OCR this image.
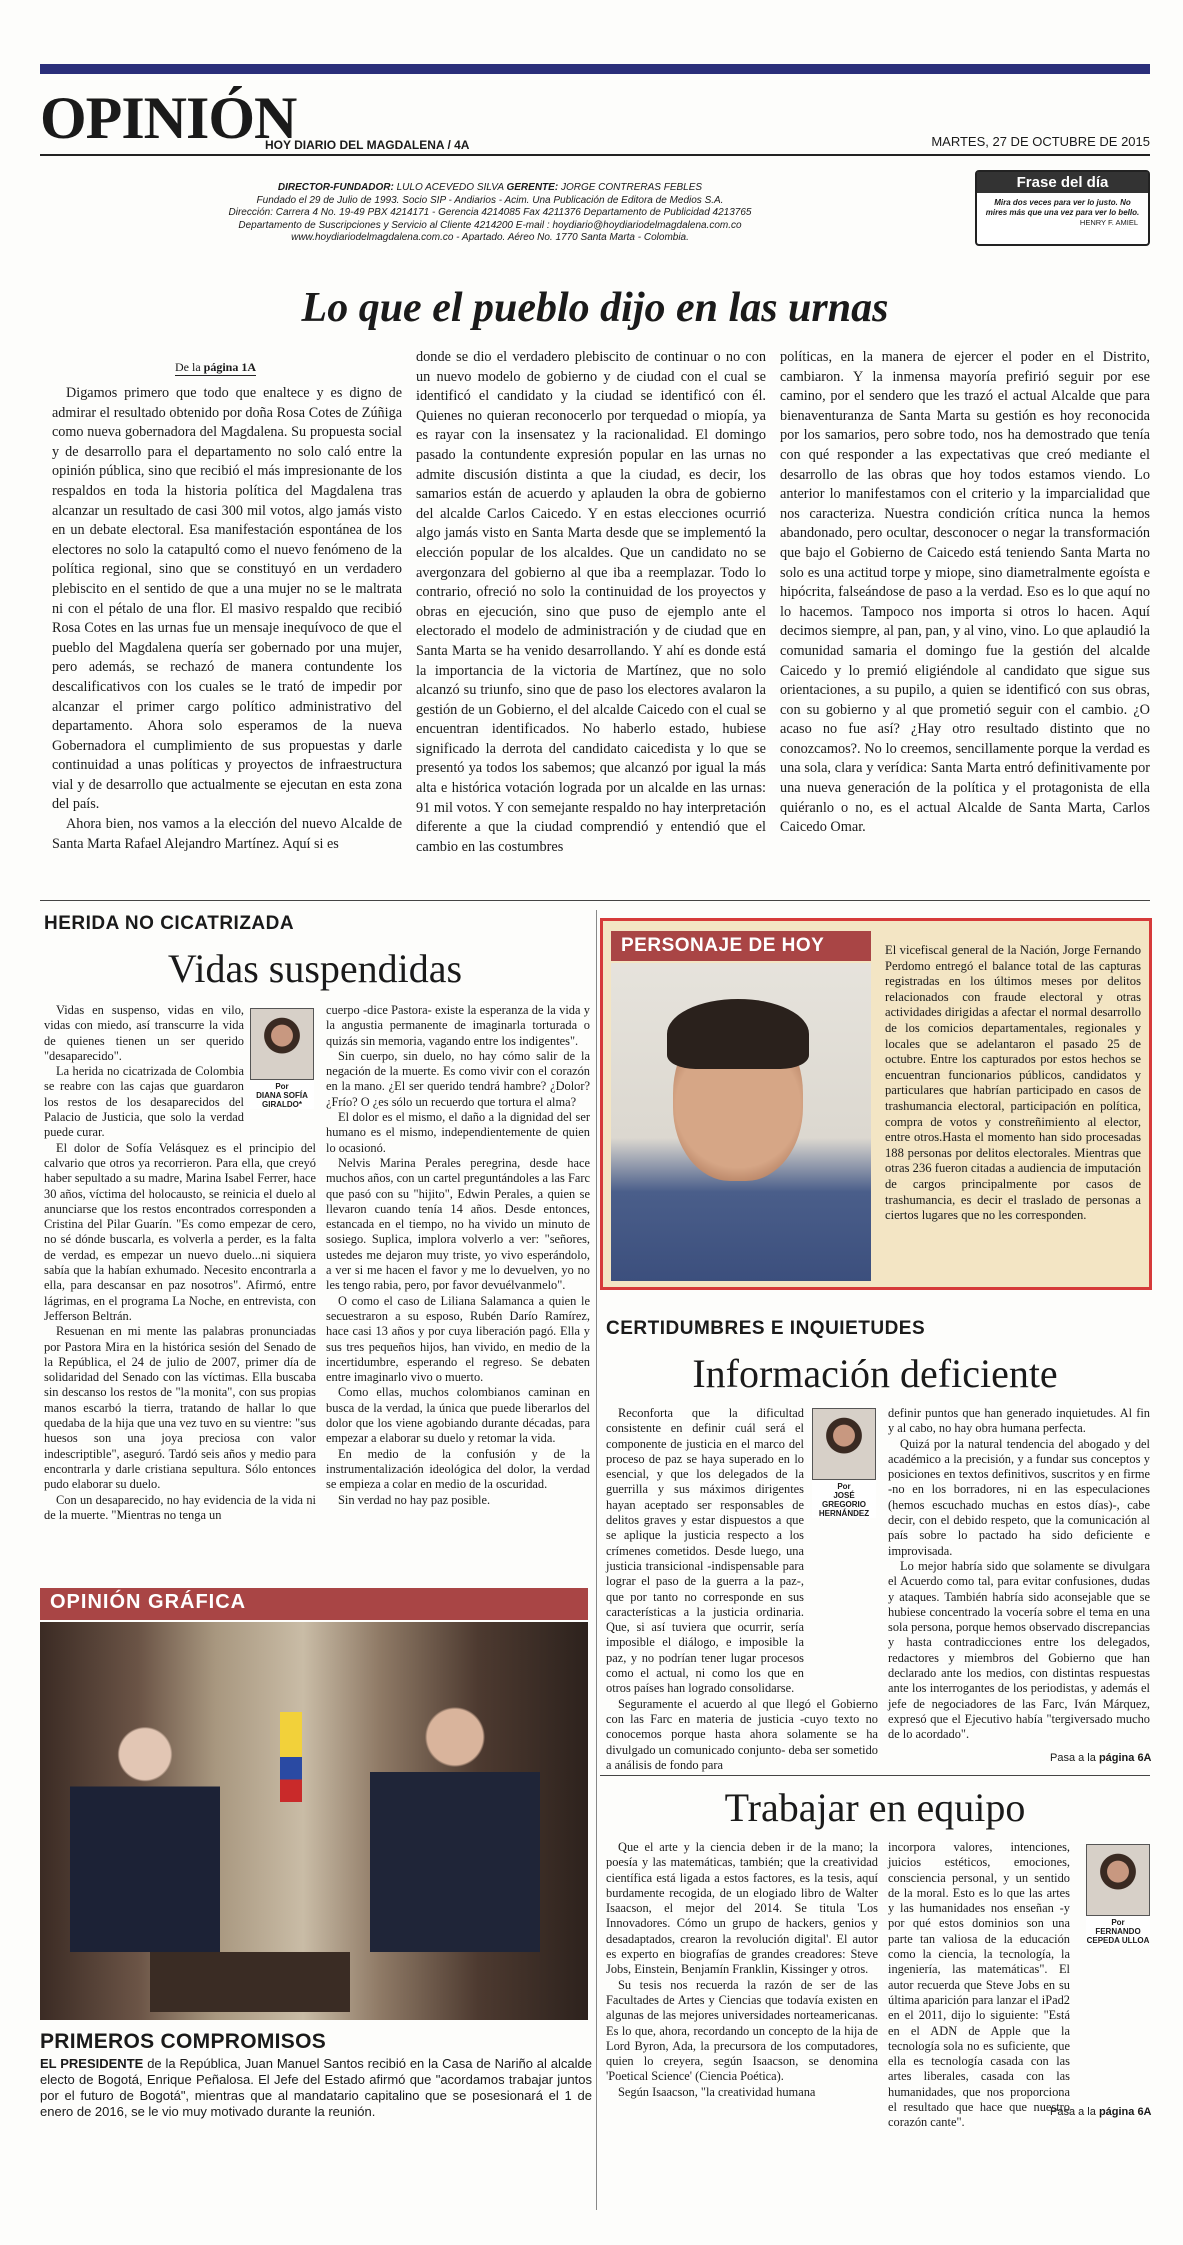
OPINIÓN
HOY DIARIO DEL MAGDALENA / 4A	MARTES, 27 DE OCTUBRE DE 2015
DIRECTOR-FUNDADOR: LULO ACEVEDO SILVA GERENTE: JORGE CONTRERAS FEBLES
Fundado el 29 de Julio de 1993. Socio SIP - Andiarios - Acim. Una Publicación de Editora de Medios S.A.
Dirección: Carrera 4 No. 19-49 PBX 4214171 - Gerencia 4214085 Fax 4211376 Departamento de Publicidad 4213765
Departamento de Suscripciones y Servicio al Cliente 4214200 E-mail : hoydiario@hoydiariodelmagdalena.com.co
www.hoydiariodelmagdalena.com.co - Apartado. Aéreo No. 1770 Santa Marta - Colombia.
Frase del día
Mira dos veces para ver lo justo. No mires más que una vez para ver lo bello.
HENRY F. AMIEL
Lo que el pueblo dijo en las urnas
De la página 1A

Digamos primero que todo que enaltece y es digno de admirar el resultado obtenido por doña Rosa Cotes de Zúñiga como nueva gobernadora del Magdalena. Su propuesta social y de desarrollo para el departamento no solo caló entre la opinión pública, sino que recibió el más impresionante de los respaldos en toda la historia política del Magdalena tras alcanzar un resultado de casi 300 mil votos, algo jamás visto en un debate electoral. Esa manifestación espontánea de los electores no solo la catapultó como el nuevo fenómeno de la política regional, sino que se constituyó en un verdadero plebiscito en el sentido de que a una mujer no se le maltrata ni con el pétalo de una flor. El masivo respaldo que recibió Rosa Cotes en las urnas fue un mensaje inequívoco de que el pueblo del Magdalena quería ser gobernado por una mujer, pero además, se rechazó de manera contundente los descalificativos con los cuales se le trató de impedir por alcanzar el primer cargo político administrativo del departamento. Ahora solo esperamos de la nueva Gobernadora el cumplimiento de sus propuestas y darle continuidad a unas políticas y proyectos de infraestructura vial y de desarrollo que actualmente se ejecutan en esta zona del país.

Ahora bien, nos vamos a la elección del nuevo Alcalde de Santa Marta Rafael Alejandro Martínez. Aquí si es

donde se dio el verdadero plebiscito de continuar o no con un nuevo modelo de gobierno y de ciudad con el cual se identificó el candidato y la ciudad se identificó con él. Quienes no quieran reconocerlo por terquedad o miopía, ya es rayar con la insensatez y la racionalidad. El domingo pasado la contundente expresión popular en las urnas no admite discusión distinta a que la ciudad, es decir, los samarios están de acuerdo y aplauden la obra de gobierno del alcalde Carlos Caicedo. Y en estas elecciones ocurrió algo jamás visto en Santa Marta desde que se implementó la elección popular de los alcaldes. Que un candidato no se avergonzara del gobierno al que iba a reemplazar. Todo lo contrario, ofreció no solo la continuidad de los proyectos y obras en ejecución, sino que puso de ejemplo ante el electorado el modelo de administración y de ciudad que en Santa Marta se ha venido desarrollando. Y ahí es donde está la importancia de la victoria de Martínez, que no solo alcanzó su triunfo, sino que de paso los electores avalaron la gestión de un Gobierno, el del alcalde Caicedo con el cual se encuentran identificados. No haberlo estado, hubiese significado la derrota del candidato caicedista y lo que se presentó ya todos los sabemos; que alcanzó por igual la más alta e histórica votación lograda por un alcalde en las urnas: 91 mil votos. Y con semejante respaldo no hay interpretación diferente a que la ciudad comprendió y entendió que el cambio en las costumbres

políticas, en la manera de ejercer el poder en el Distrito, cambiaron. Y la inmensa mayoría prefirió seguir por ese camino, por el sendero que les trazó el actual Alcalde que para bienaventuranza de Santa Marta su gestión es hoy reconocida por los samarios, pero sobre todo, nos ha demostrado que tenía con qué responder a las expectativas que creó mediante el desarrollo de las obras que hoy todos estamos viendo. Lo anterior lo manifestamos con el criterio y la imparcialidad que nos caracteriza. Nuestra condición crítica nunca la hemos abandonado, pero ocultar, desconocer o negar la transformación que bajo el Gobierno de Caicedo está teniendo Santa Marta no solo es una actitud torpe y miope, sino diametralmente egoísta e hipócrita, falseándose de paso a la verdad. Eso es lo que aquí no lo hacemos. Tampoco nos importa si otros lo hacen. Aquí decimos siempre, al pan, pan, y al vino, vino. Lo que aplaudió la comunidad samaria el domingo fue la gestión del alcalde Caicedo y lo premió eligiéndole al candidato que sigue sus orientaciones, a su pupilo, a quien se identificó con sus obras, con su gobierno y al que prometió seguir con el cambio. ¿O acaso no fue así? ¿Hay otro resultado distinto que no conozcamos?. No lo creemos, sencillamente porque la verdad es una sola, clara y verídica: Santa Marta entró definitivamente por una nueva generación de la política y el protagonista de ella quiéranlo o no, es el actual Alcalde de Santa Marta, Carlos Caicedo Omar.

HERIDA NO CICATRIZADA
Vidas suspendidas

Vidas en suspenso, vidas en vilo, vidas con miedo, así transcurre la vida de quienes tienen un ser querido "desaparecido".

La herida no cicatrizada de Colombia se reabre con las cajas que guardaron los restos de los desaparecidos del Palacio de Justicia, que solo la verdad puede curar.

El dolor de Sofía Velásquez es el principio del calvario que otros ya recorrieron. Para ella, que creyó haber sepultado a su madre, Marina Isabel Ferrer, hace 30 años, víctima del holocausto, se reinicia el duelo al anunciarse que los restos encontrados corresponden a Cristina del Pilar Guarín. "Es como empezar de cero, no sé dónde buscarla, es volverla a perder, es la falta de verdad, es empezar un nuevo duelo...ni siquiera sabía que la habían exhumado. Necesito encontrarla a ella, para descansar en paz nosotros". Afirmó, entre lágrimas, en el programa La Noche, en entrevista, con Jefferson Beltrán.

Resuenan en mi mente las palabras pronunciadas por Pastora Mira en la histórica sesión del Senado de la República, el 24 de julio de 2007, primer día de solidaridad del Senado con las víctimas. Ella buscaba sin descanso los restos de "la monita", con sus propias manos escarbó la tierra, tratando de hallar lo que quedaba de la hija que una vez tuvo en su vientre: "sus huesos son una joya preciosa con valor indescriptible", aseguró. Tardó seis años y medio para encontrarla y darle cristiana sepultura. Sólo entonces pudo elaborar su duelo.

Con un desaparecido, no hay evidencia de la vida ni de la muerte. "Mientras no tenga un

Por
DIANA SOFÍA GIRALDO*

cuerpo -dice Pastora- existe la esperanza de la vida y la angustia permanente de imaginarla torturada o quizás sin memoria, vagando entre los indigentes".

Sin cuerpo, sin duelo, no hay cómo salir de la negación de la muerte. Es como vivir con el corazón en la mano. ¿El ser querido tendrá hambre? ¿Dolor? ¿Frío? O ¿es sólo un recuerdo que tortura el alma?

El dolor es el mismo, el daño a la dignidad del ser humano es el mismo, independientemente de quien lo ocasionó.

Nelvis Marina Perales peregrina, desde hace muchos años, con un cartel preguntándoles a las Farc que pasó con su "hijito", Edwin Perales, a quien se llevaron cuando tenía 14 años. Desde entonces, estancada en el tiempo, no ha vivido un minuto de sosiego. Suplica, implora volverlo a ver: "señores, ustedes me dejaron muy triste, yo vivo esperándolo, a ver si me hacen el favor y me lo devuelven, yo no les tengo rabia, pero, por favor devuélvanmelo".

O como el caso de Liliana Salamanca a quien le secuestraron a su esposo, Rubén Darío Ramírez, hace casi 13 años y por cuya liberación pagó. Ella y sus tres pequeños hijos, han vivido, en medio de la incertidumbre, esperando el regreso. Se debaten entre imaginarlo vivo o muerto.

Como ellas, muchos colombianos caminan en busca de la verdad, la única que puede liberarlos del dolor que los viene agobiando durante décadas, para empezar a elaborar su duelo y retomar la vida.

En medio de la confusión y de la instrumentalización ideológica del dolor, la verdad se empieza a colar en medio de la oscuridad.

Sin verdad no hay paz posible.

PERSONAJE DE HOY	El vicefiscal general de la Nación, Jorge Fernando Perdomo entregó el balance total de las capturas registradas en los últimos meses por delitos relacionados con fraude electoral y otras actividades dirigidas a afectar el normal desarrollo de los comicios departamentales, regionales y locales que se adelantaron el pasado 25 de octubre. Entre los capturados por estos hechos se encuentran funcionarios públicos, candidatos y particulares que habrían participado en casos de trashumancia electoral, participación en política, compra de votos y constreñimiento al elector, entre otros.Hasta el momento han sido procesadas 188 personas por delitos electorales. Mientras que otras 236 fueron citadas a audiencia de imputación de cargos principalmente por casos de trashumancia, es decir el traslado de personas a ciertos lugares que no les corresponden.
CERTIDUMBRES E INQUIETUDES
Información deficiente

Reconforta que la dificultad consistente en definir cuál será el componente de justicia en el marco del proceso de paz se haya superado en lo esencial, y que los delegados de la guerrilla y sus máximos dirigentes hayan aceptado ser responsables de delitos graves y estar dispuestos a que se aplique la justicia respecto a los crímenes cometidos. Desde luego, una justicia transicional -indispensable para lograr el paso de la guerra a la paz-, que por tanto no corresponde en sus características a la justicia ordinaria. Que, si así tuviera que ocurrir, sería imposible el diálogo, e imposible la paz, y no podrían tener lugar procesos como el actual, ni como los que en otros países han logrado consolidarse.

Seguramente el acuerdo al que llegó el Gobierno con las Farc en materia de justicia -cuyo texto no conocemos porque hasta ahora solamente se ha divulgado un comunicado conjunto- deba ser sometido a análisis de fondo para

Por
JOSÉ GREGORIO HERNÁNDEZ

definir puntos que han generado inquietudes. Al fin y al cabo, no hay obra humana perfecta.

Quizá por la natural tendencia del abogado y del académico a la precisión, y a fundar sus conceptos y posiciones en textos definitivos, suscritos y en firme -no en los borradores, ni en las especulaciones (hemos escuchado muchas en estos días)-, cabe decir, con el debido respeto, que la comunicación al país sobre lo pactado ha sido deficiente e improvisada.

Lo mejor habría sido que solamente se divulgara el Acuerdo como tal, para evitar confusiones, dudas y ataques. También habría sido aconsejable que se hubiese concentrado la vocería sobre el tema en una sola persona, porque hemos observado discrepancias y hasta contradicciones entre los delegados, redactores y miembros del Gobierno que han declarado ante los medios, con distintas respuestas ante los interrogantes de los periodistas, y además el jefe de negociadores de las Farc, Iván Márquez, expresó que el Ejecutivo había "tergiversado mucho de lo acordado".

Pasa a la página 6A
Trabajar en equipo

Que el arte y la ciencia deben ir de la mano; la poesía y las matemáticas, también; que la creatividad científica está ligada a estos factores, es la tesis, aquí burdamente recogida, de un elogiado libro de Walter Isaacson, el mejor del 2014. Se titula 'Los Innovadores. Cómo un grupo de hackers, genios y desadaptados, crearon la revolución digital'. El autor es experto en biografías de grandes creadores: Steve Jobs, Einstein, Benjamín Franklin, Kissinger y otros.

Su tesis nos recuerda la razón de ser de las Facultades de Artes y Ciencias que todavía existen en algunas de las mejores universidades norteamericanas. Es lo que, ahora, recordando un concepto de la hija de Lord Byron, Ada, la precursora de los computadores, quien lo creyera, según Isaacson, se denomina 'Poetical Science' (Ciencia Poética).

Según Isaacson, "la creatividad humana

incorpora valores, intenciones, juicios estéticos, emociones, consciencia personal, y un sentido de la moral. Esto es lo que las artes y las humanidades nos enseñan -y por qué estos dominios son una parte tan valiosa de la educación como la ciencia, la tecnología, la ingeniería, las matemáticas". El autor recuerda que Steve Jobs en su última aparición para lanzar el iPad2 en el 2011, dijo lo siguiente: "Está en el ADN de Apple que la tecnología sola no es suficiente, que ella es tecnología casada con las artes liberales, casada con las humanidades, que nos proporciona el resultado que hace que nuestro corazón cante".

Por
FERNANDO CEPEDA ULLOA
Pasa a la página 6A
OPINIÓN GRÁFICA
PRIMEROS COMPROMISOS
EL PRESIDENTE de la República, Juan Manuel Santos recibió en la Casa de Nariño al alcalde electo de Bogotá, Enrique Peñalosa. El Jefe del Estado afirmó que "acordamos trabajar juntos por el futuro de Bogotá", mientras que al mandatario capitalino que se posesionará el 1 de enero de 2016, se le vio muy motivado durante la reunión.
